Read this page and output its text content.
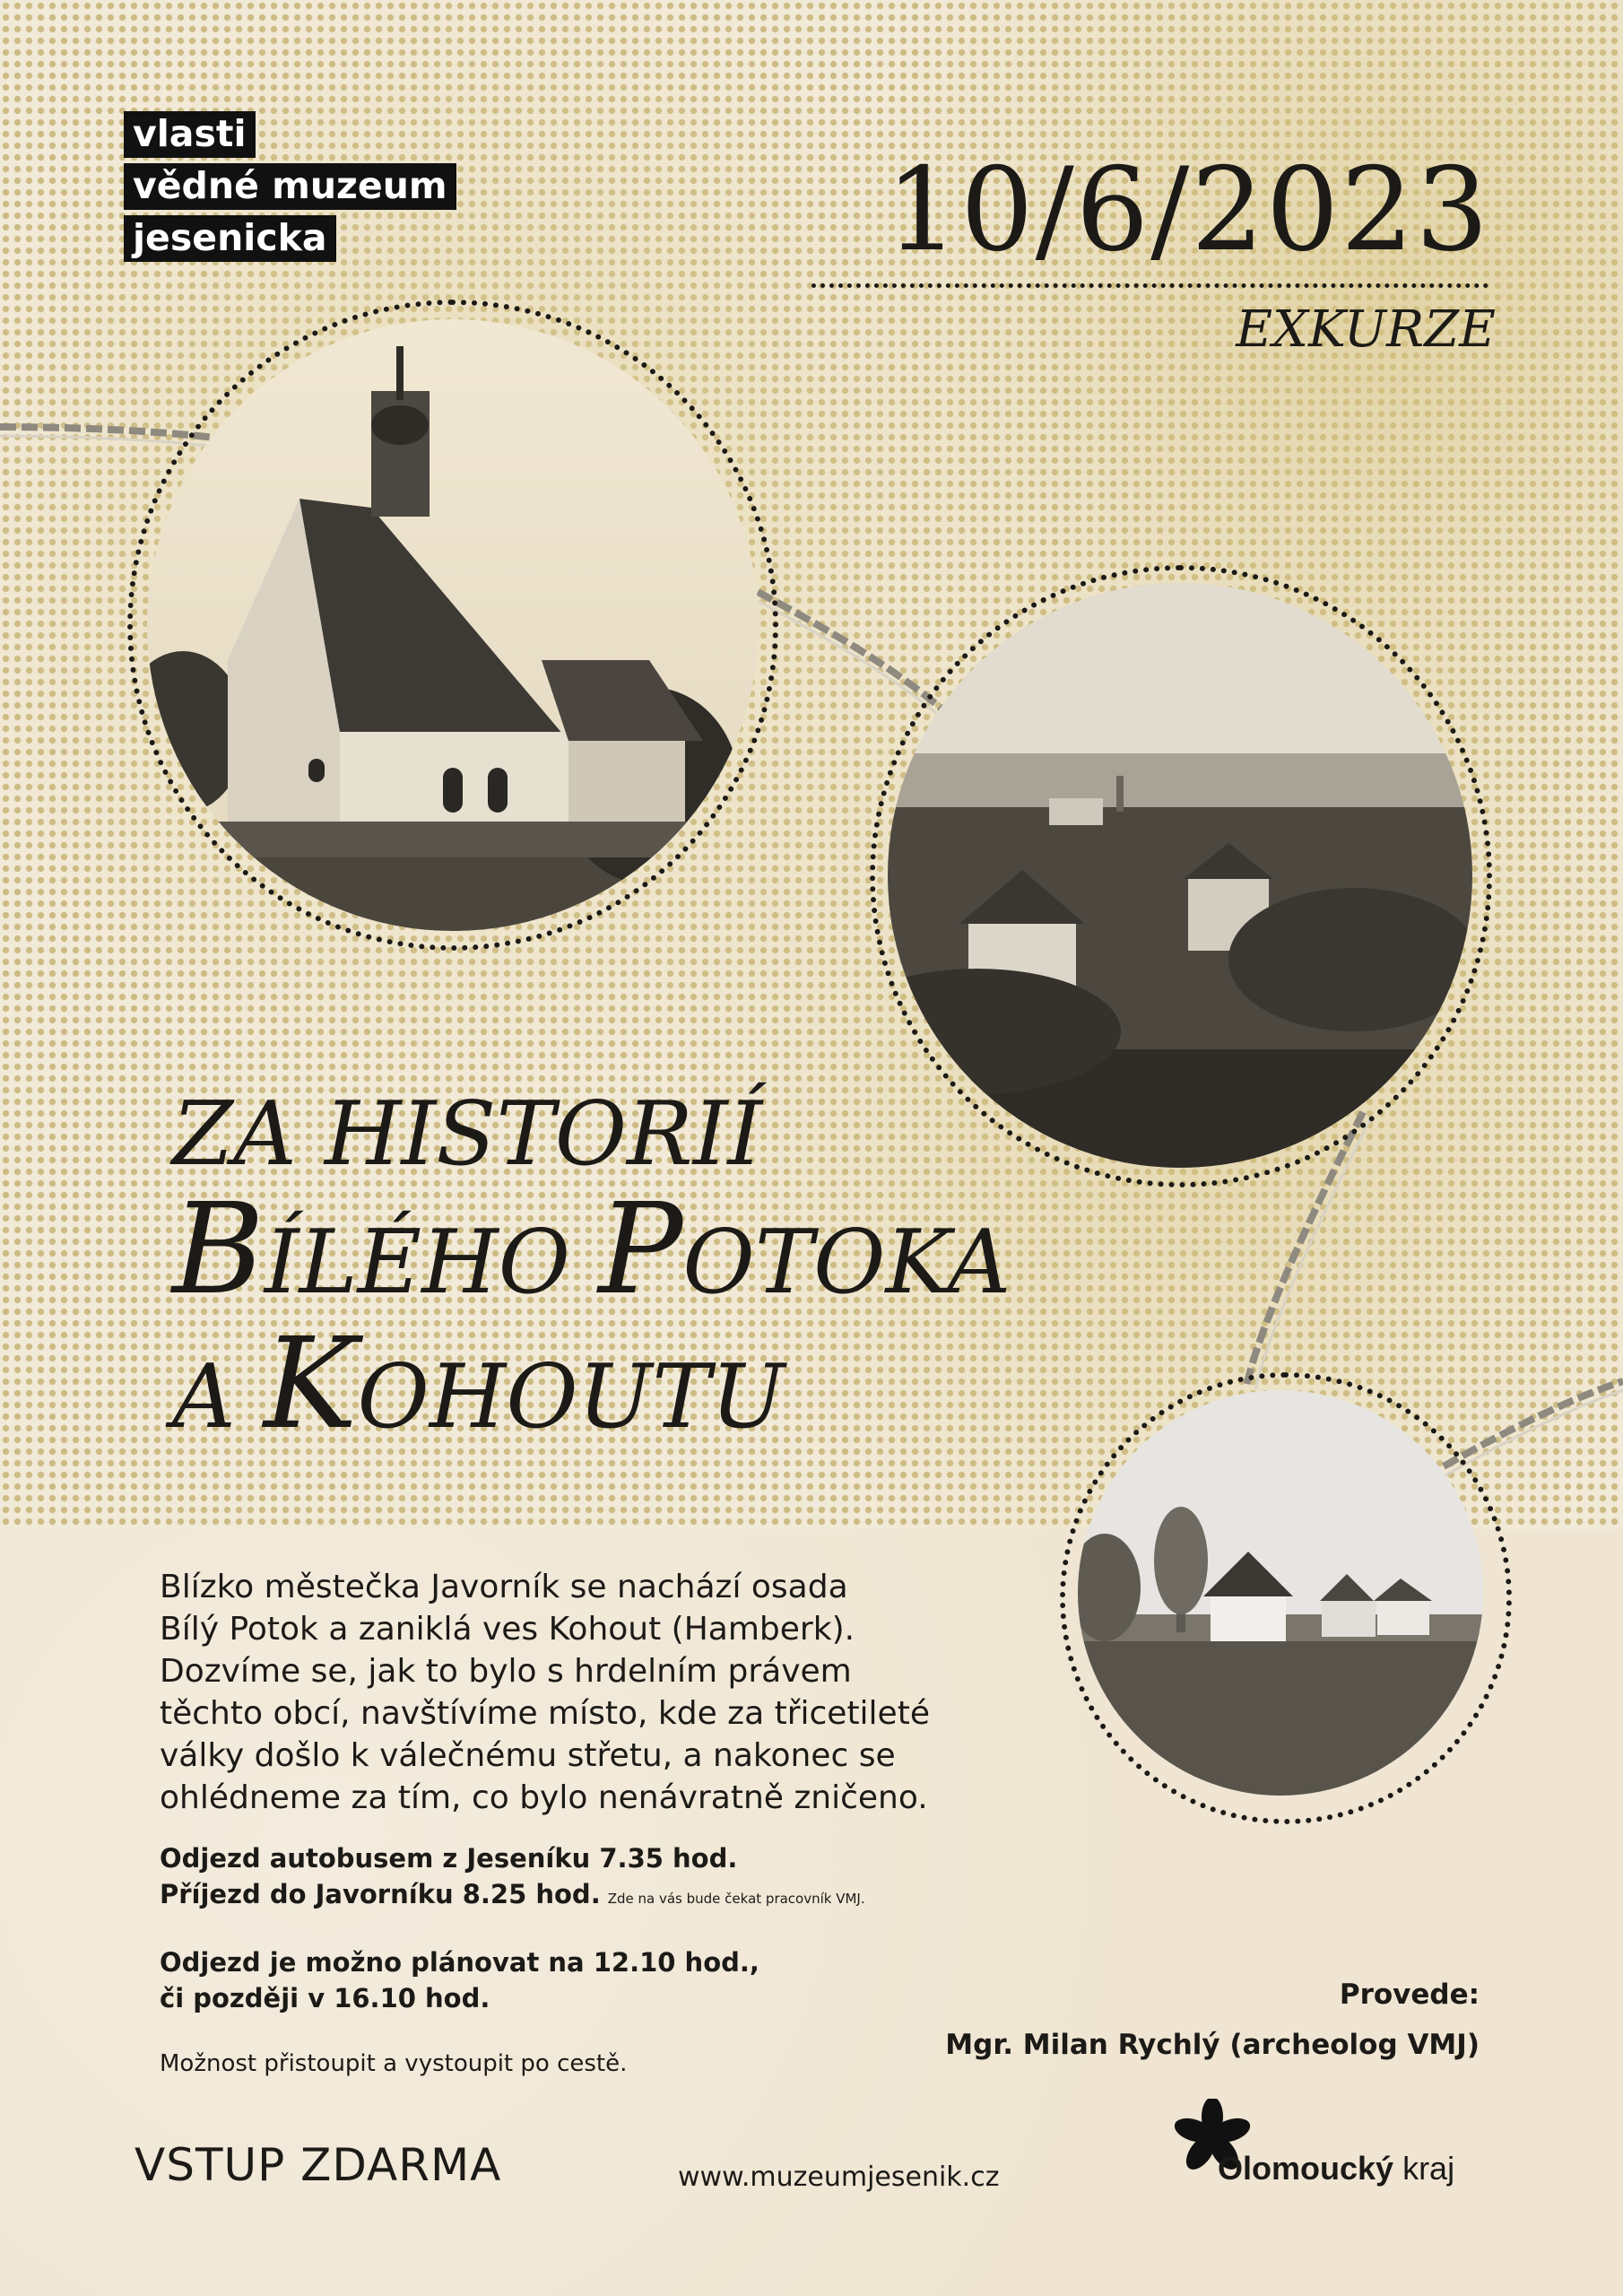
vlasti
vědné muzeum
jesenicka	10/6/2023
EXKURZE
ZA HISTORIÍ
BÍLÉHO POTOKA
A KOHOUTU
Blízko městečka Javorník se nachází osada
Bílý Potok a zaniklá ves Kohout (Hamberk).
Dozvíme se, jak to bylo s hrdelním právem
těchto obcí, navštívíme místo, kde za třicetileté
války došlo k válečnému střetu, a nakonec se
ohlédneme za tím, co bylo nenávratně zničeno.
Odjezd autobusem z Jeseníku 7.35 hod.
Příjezd do Javorníku 8.25 hod. Zde na vás bude čekat pracovník VMJ.
Odjezd je možno plánovat na 12.10 hod.,
či později v 16.10 hod.
Možnost přistoupit a vystoupit po cestě.
Provede:
Mgr. Milan Rychlý (archeolog VMJ)
VSTUP ZDARMA	www.muzeumjesenik.cz	Olomoucký kraj
